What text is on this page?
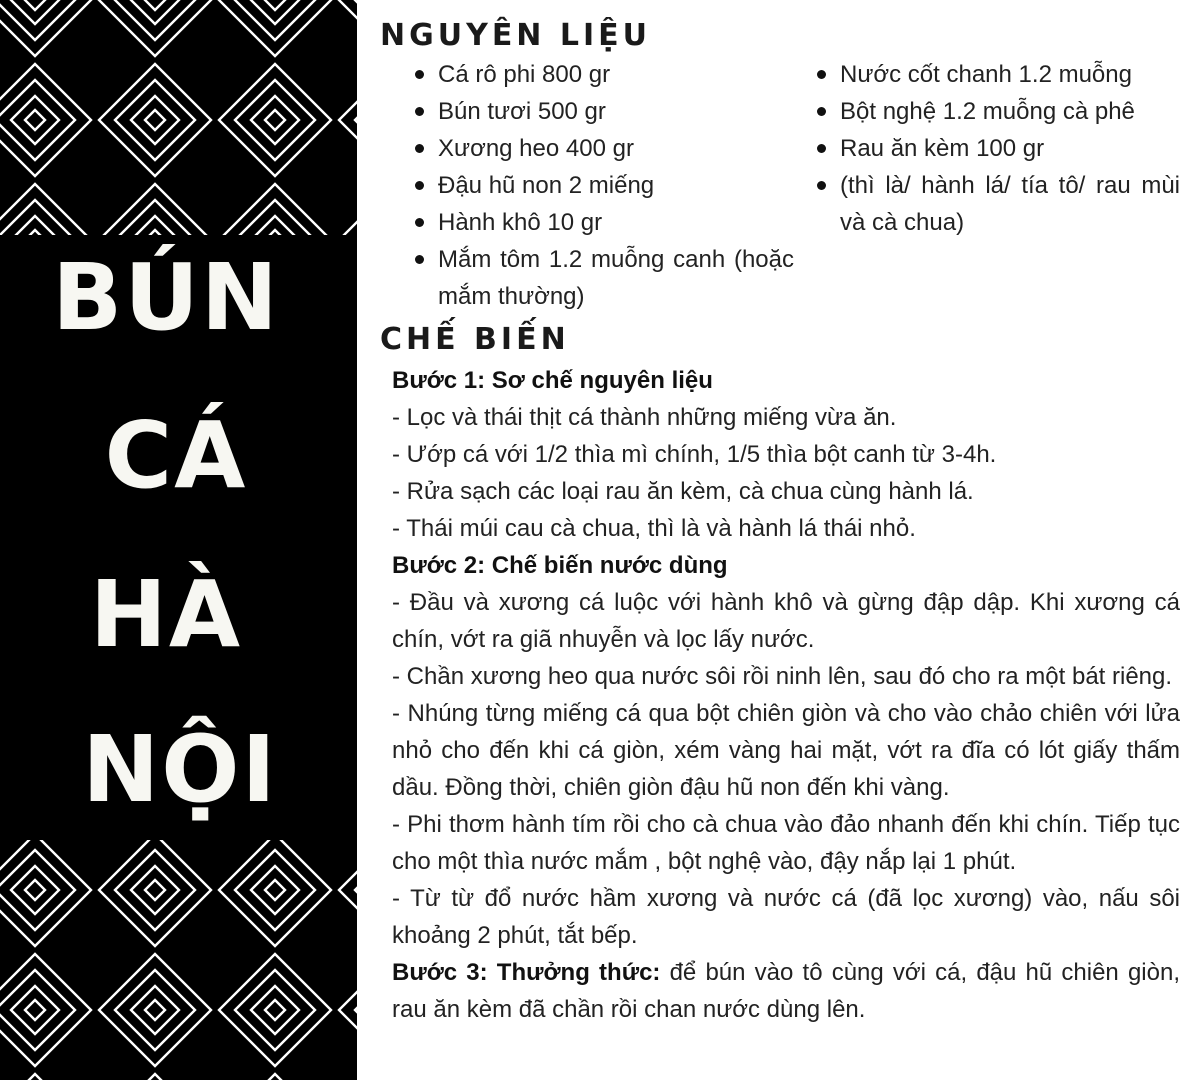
BÚN
CÁ
HÀ
NỘI
NGUYÊN LIỆU
Cá rô phi 800 gr
Bún tươi 500 gr
Xương heo 400 gr
Đậu hũ non 2 miếng
Hành khô 10 gr
Mắm tôm 1.2 muỗng canh (hoặc mắm thường)
Nước cốt chanh 1.2 muỗng
Bột nghệ 1.2 muỗng cà phê
Rau ăn kèm 100 gr
(thì là/ hành lá/ tía tô/ rau mùi và cà chua)
CHẾ BIẾN
Bước 1: Sơ chế nguyên liệu

- Lọc và thái thịt cá thành những miếng vừa ăn.

- Ướp cá với 1/2 thìa mì chính, 1/5 thìa bột canh từ 3-4h.

- Rửa sạch các loại rau ăn kèm, cà chua cùng hành lá.

- Thái múi cau cà chua, thì là và hành lá thái nhỏ.

Bước 2: Chế biến nước dùng

- Đầu và xương cá luộc với hành khô và gừng đập dập. Khi xương cá chín, vớt ra giã nhuyễn và lọc lấy nước.

- Chần xương heo qua nước sôi rồi ninh lên, sau đó cho ra một bát riêng.

- Nhúng từng miếng cá qua bột chiên giòn và cho vào chảo chiên với lửa nhỏ cho đến khi cá giòn, xém vàng hai mặt, vớt ra đĩa có lót giấy thấm dầu. Đồng thời, chiên giòn đậu hũ non đến khi vàng.

- Phi thơm hành tím rồi cho cà chua vào đảo nhanh đến khi chín. Tiếp tục cho một thìa nước mắm , bột nghệ vào, đậy nắp lại 1 phút.

- Từ từ đổ nước hầm xương và nước cá (đã lọc xương) vào, nấu sôi khoảng 2 phút, tắt bếp.

Bước 3: Thưởng thức: để bún vào tô cùng với cá, đậu hũ chiên giòn, rau ăn kèm đã chần rồi chan nước dùng lên.
